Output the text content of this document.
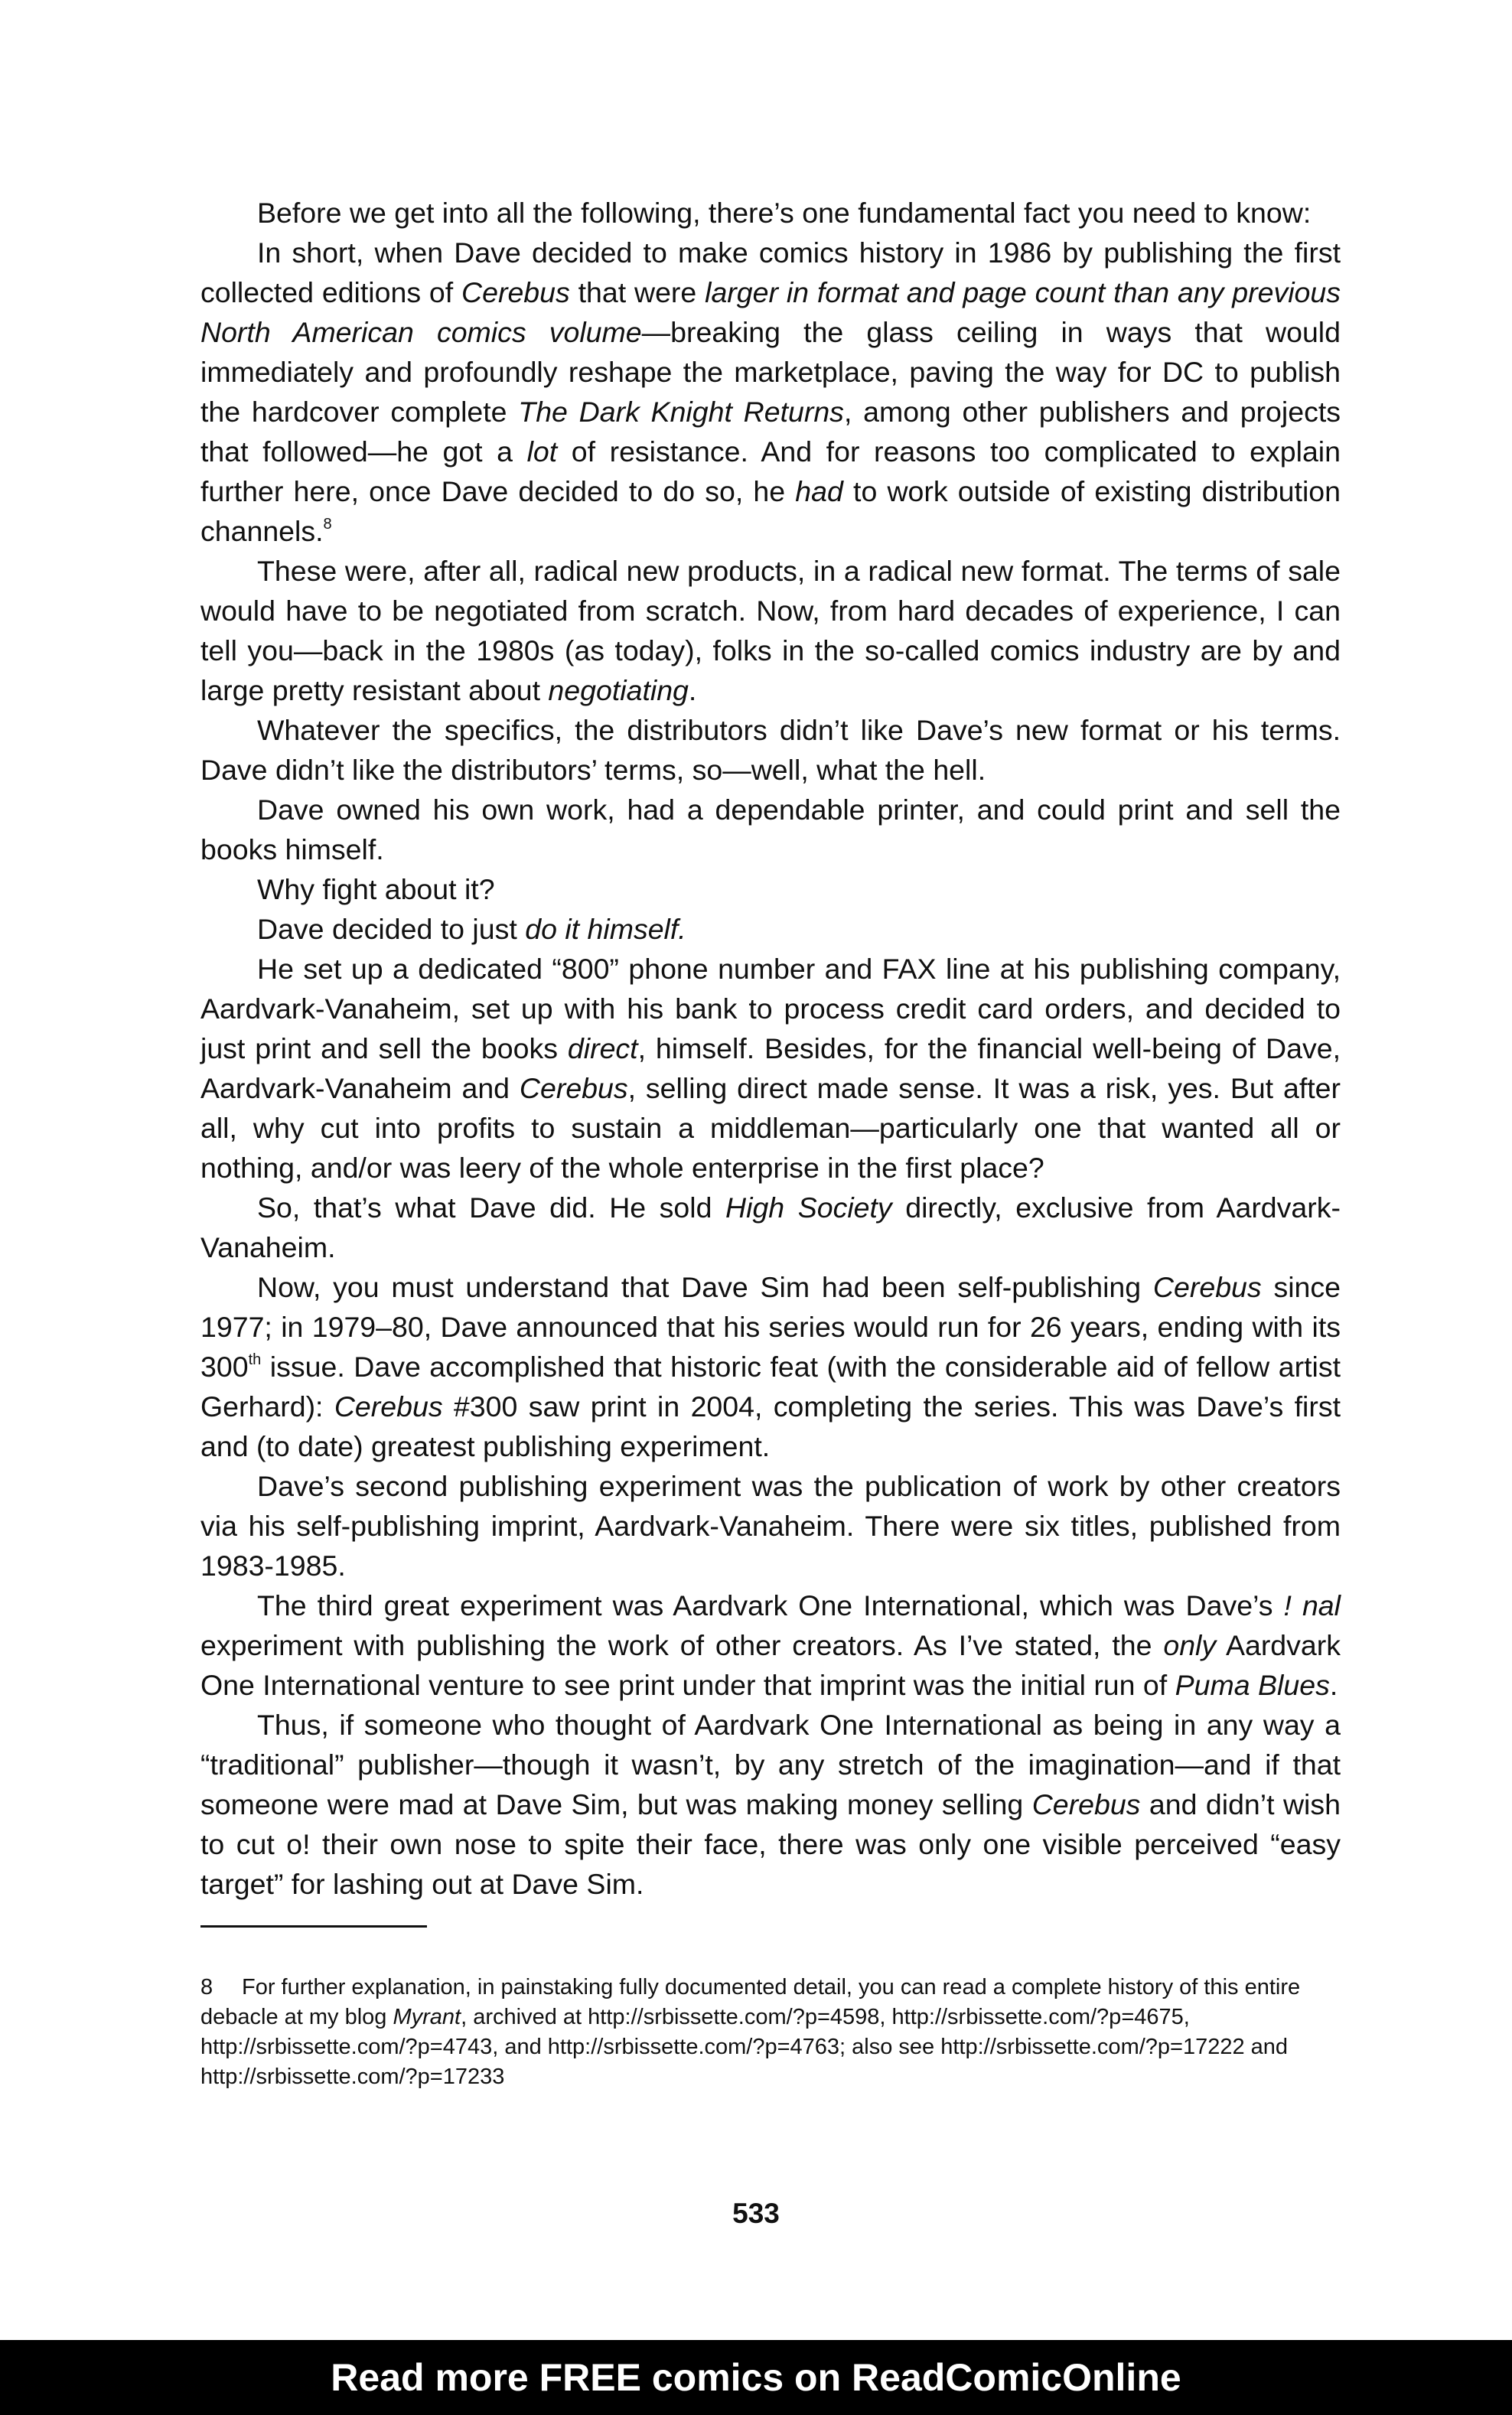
Before we get into all the following, there’s one fundamental fact you need to know:

In short, when Dave decided to make comics history in 1986 by publishing the first collected editions of Cerebus that were larger in format and page count than any previous North American comics volume—breaking the glass ceiling in ways that would immediately and profoundly reshape the marketplace, paving the way for DC to publish the hardcover complete The Dark Knight Returns, among other publishers and projects that followed—he got a lot of resistance. And for reasons too complicated to explain further here, once Dave decided to do so, he had to work outside of existing distribution channels.$^8$

These were, after all, radical new products, in a radical new format. The terms of sale would have to be negotiated from scratch. Now, from hard decades of experience, I can tell you—back in the 1980s (as today), folks in the so-called comics industry are by and large pretty resistant about negotiating.

Whatever the specifics, the distributors didn’t like Dave’s new format or his terms. Dave didn’t like the distributors’ terms, so—well, what the hell.

Dave owned his own work, had a dependable printer, and could print and sell the books himself.

Why fight about it?

Dave decided to just do it himself.

He set up a dedicated “800” phone number and FAX line at his publishing company, Aardvark-Vanaheim, set up with his bank to process credit card orders, and decided to just print and sell the books direct, himself. Besides, for the financial well-being of Dave, Aardvark-Vanaheim and Cerebus, selling direct made sense. It was a risk, yes. But after all, why cut into profits to sustain a middleman—particularly one that wanted all or nothing, and/or was leery of the whole enterprise in the first place?

So, that’s what Dave did. He sold High Society directly, exclusive from Aardvark-Vanaheim.

Now, you must understand that Dave Sim had been self-publishing Cerebus since 1977; in 1979–80, Dave announced that his series would run for 26 years, ending with its 300th issue. Dave accomplished that historic feat (with the considerable aid of fellow artist Gerhard): Cerebus #300 saw print in 2004, completing the series. This was Dave’s first and (to date) greatest publishing experiment.

Dave’s second publishing experiment was the publication of work by other creators via his self-publishing imprint, Aardvark-Vanaheim. There were six titles, published from 1983-1985.

The third great experiment was Aardvark One International, which was Dave’s ! nal experiment with publishing the work of other creators. As I’ve stated, the only Aardvark One International venture to see print under that imprint was the initial run of Puma Blues.

Thus, if someone who thought of Aardvark One International as being in any way a “traditional” publisher—though it wasn’t, by any stretch of the imagination—and if that someone were mad at Dave Sim, but was making money selling Cerebus and didn’t wish to cut o! their own nose to spite their face, there was only one visible perceived “easy target” for lashing out at Dave Sim.

8 For further explanation, in painstaking fully documented detail, you can read a complete history of this entire debacle at my blog Myrant, archived at http://srbissette.com/?p=4598, http://srbissette.com/?p=4675, http://srbissette.com/?p=4743, and http://srbissette.com/?p=4763; also see http://srbissette.com/?p=17222 and http://srbissette.com/?p=17233
533
Read more FREE comics on ReadComicOnline
